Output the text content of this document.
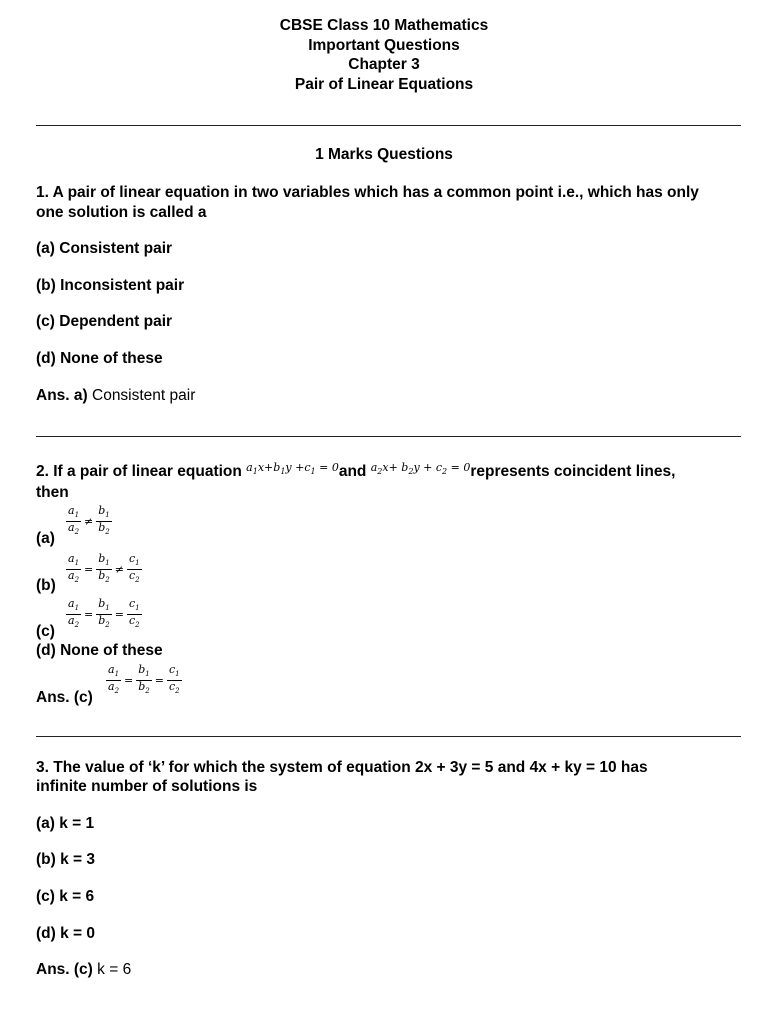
CBSE Class 10 Mathematics
Important Questions
Chapter 3
Pair of Linear Equations
1 Marks Questions
1. A pair of linear equation in two variables which has a common point i.e., which has only
one solution is called a
(a) Consistent pair
(b) Inconsistent pair
(c) Dependent pair
(d) None of these
Ans. a) Consistent pair
2. If a pair of linear equation $^{a_1x+b_1y +c_1 = 0}$and $^{a_2x+ b_2y + c_2 = 0}$represents coincident lines,
then
(a)
$\frac{a_1}{a_2} \ne \frac{b_1}{b_2}$
$(b) \frac{a_1}{a_2} = \frac{b_1}{b_2} \ne \frac{c_1}{c_2}$
(c)
$\frac{a_1}{a_2} = \frac{b_1}{b_2} = \frac{c_1}{c_2}$
(d) None of these
Ans. (c)
$\frac{a_1}{a_2} = \frac{b_1}{b_2} = \frac{c_1}{c_2}$
3. The value of ‘k’ for which the system of equation 2x + 3y = 5 and 4x + ky = 10 has
infinite number of solutions is
(a) k = 1
(b) k = 3
(c) k = 6
(d) k = 0
Ans. (c) k = 6
